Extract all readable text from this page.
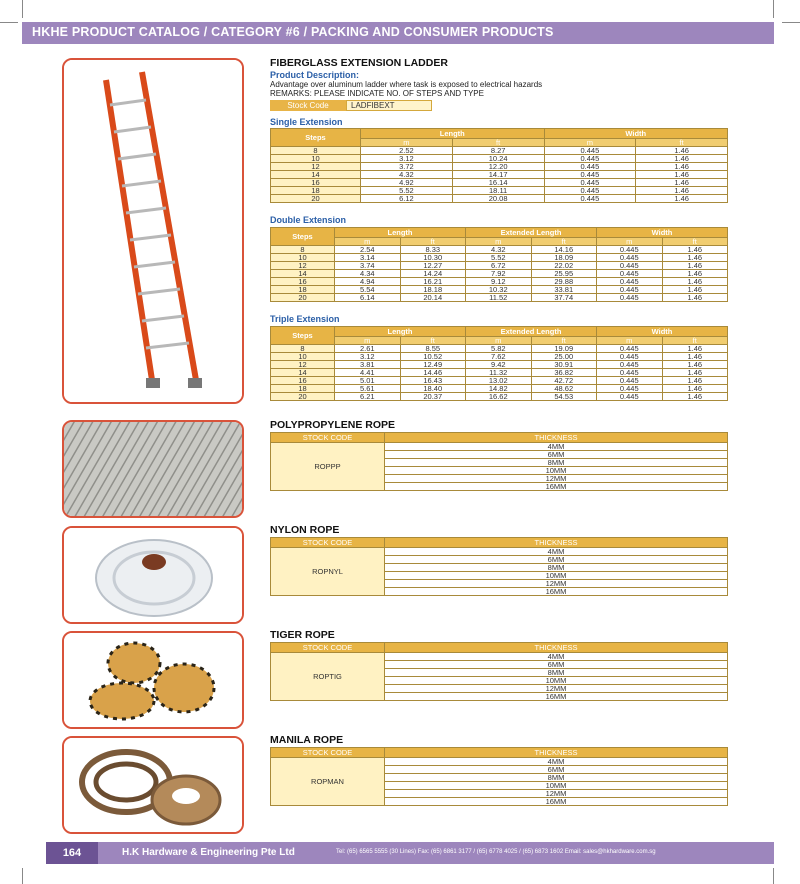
HKHE PRODUCT CATALOG / CATEGORY #6 / PACKING AND CONSUMER PRODUCTS
FIBERGLASS EXTENSION LADDER
Product Description:
Advantage over aluminum ladder where task is exposed to electrical hazards
REMARKS: PLEASE INDICATE NO. OF STEPS AND TYPE
Stock Code	LADFIBEXT
Single Extension
Steps	Length		Width	
	m	ft	m	ft
8	2.52	8.27	0.445	1.46
10	3.12	10.24	0.445	1.46
12	3.72	12.20	0.445	1.46
14	4.32	14.17	0.445	1.46
16	4.92	16.14	0.445	1.46
18	5.52	18.11	0.445	1.46
20	6.12	20.08	0.445	1.46
Double Extension
Steps	Length		Extended Length		Width	
	m	ft	m	ft	m	ft
8	2.54	8.33	4.32	14.16	0.445	1.46
10	3.14	10.30	5.52	18.09	0.445	1.46
12	3.74	12.27	6.72	22.02	0.445	1.46
14	4.34	14.24	7.92	25.95	0.445	1.46
16	4.94	16.21	9.12	29.88	0.445	1.46
18	5.54	18.18	10.32	33.81	0.445	1.46
20	6.14	20.14	11.52	37.74	0.445	1.46
Triple Extension
Steps	Length		Extended Length		Width	
	m	ft	m	ft	m	ft
8	2.61	8.55	5.82	19.09	0.445	1.46
10	3.12	10.52	7.62	25.00	0.445	1.46
12	3.81	12.49	9.42	30.91	0.445	1.46
14	4.41	14.46	11.32	36.82	0.445	1.46
16	5.01	16.43	13.02	42.72	0.445	1.46
18	5.61	18.40	14.82	48.62	0.445	1.46
20	6.21	20.37	16.62	54.53	0.445	1.46
POLYPROPYLENE ROPE
STOCK CODE	THICKNESS
ROPPP	4MM
	6MM
	8MM
	10MM
	12MM
	16MM
NYLON ROPE
STOCK CODE	THICKNESS
ROPNYL	4MM
	6MM
	8MM
	10MM
	12MM
	16MM
TIGER ROPE
STOCK CODE	THICKNESS
ROPTIG	4MM
	6MM
	8MM
	10MM
	12MM
	16MM
MANILA ROPE
STOCK CODE	THICKNESS
ROPMAN	4MM
	6MM
	8MM
	10MM
	12MM
	16MM
164	H.K Hardware & Engineering Pte Ltd	Tel: (65) 6565 5555 (30 Lines) Fax: (65) 6861 3177 / (65) 6778 4025 / (65) 6873 1602 Email: sales@hkhardware.com.sg
